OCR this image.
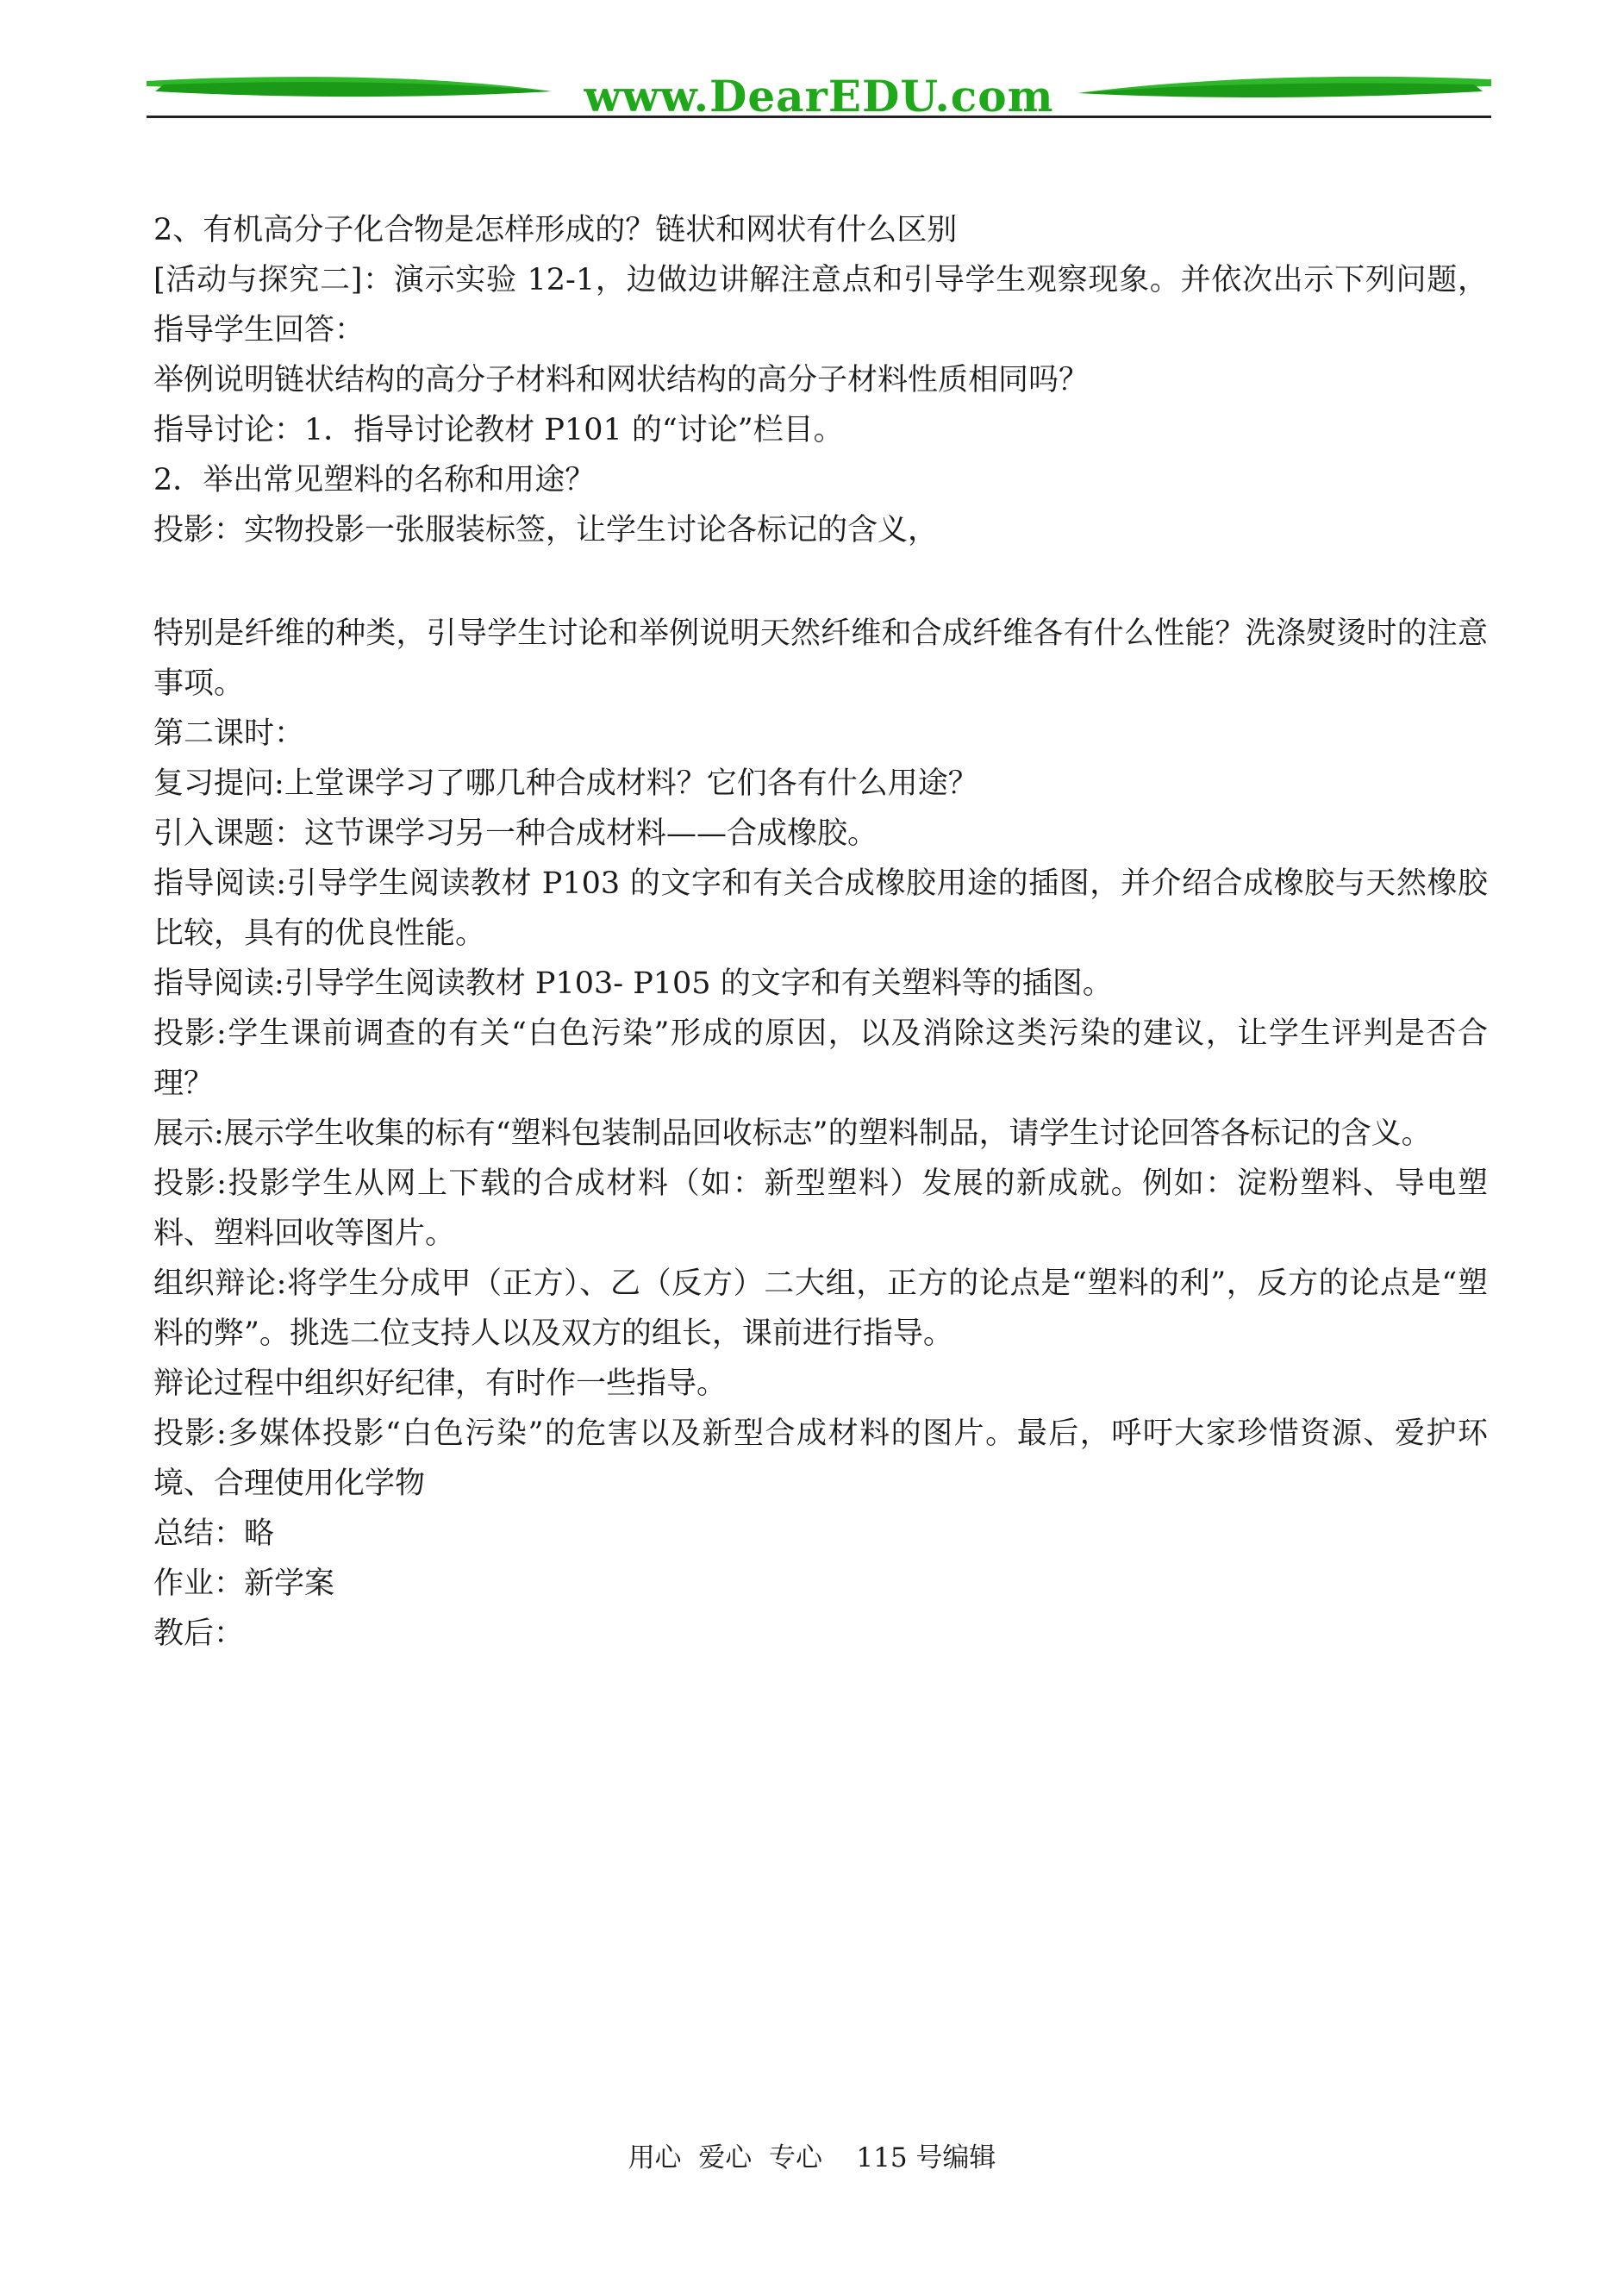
www.DearEDU.com

2、有机高分子化合物是怎样形成的？链状和网状有什么区别

[活动与探究二]：演示实验 12-1，边做边讲解注意点和引导学生观察现象。并依次出示下列问题，指导学生回答：

举例说明链状结构的高分子材料和网状结构的高分子材料性质相同吗？

指导讨论：1．指导讨论教材 P101 的“讨论”栏目。

2．举出常见塑料的名称和用途？

投影：实物投影一张服装标签，让学生讨论各标记的含义，

特别是纤维的种类，引导学生讨论和举例说明天然纤维和合成纤维各有什么性能？洗涤熨烫时的注意事项。

第二课时：

复习提问:上堂课学习了哪几种合成材料？它们各有什么用途？

引入课题：这节课学习另一种合成材料——合成橡胶。

指导阅读:引导学生阅读教材 P103 的文字和有关合成橡胶用途的插图，并介绍合成橡胶与天然橡胶比较，具有的优良性能。

指导阅读:引导学生阅读教材 P103- P105 的文字和有关塑料等的插图。

投影:学生课前调查的有关“白色污染”形成的原因，以及消除这类污染的建议，让学生评判是否合理？

展示:展示学生收集的标有“塑料包装制品回收标志”的塑料制品，请学生讨论回答各标记的含义。

投影:投影学生从网上下载的合成材料（如：新型塑料）发展的新成就。例如：淀粉塑料、导电塑料、塑料回收等图片。

组织辩论:将学生分成甲（正方）、乙（反方）二大组，正方的论点是“塑料的利”，反方的论点是“塑料的弊”。挑选二位支持人以及双方的组长，课前进行指导。

辩论过程中组织好纪律，有时作一些指导。

投影:多媒体投影“白色污染”的危害以及新型合成材料的图片。最后，呼吁大家珍惜资源、爱护环境、合理使用化学物

总结：略

作业：新学案

教后：

用心  爱心  专心    115 号编辑
